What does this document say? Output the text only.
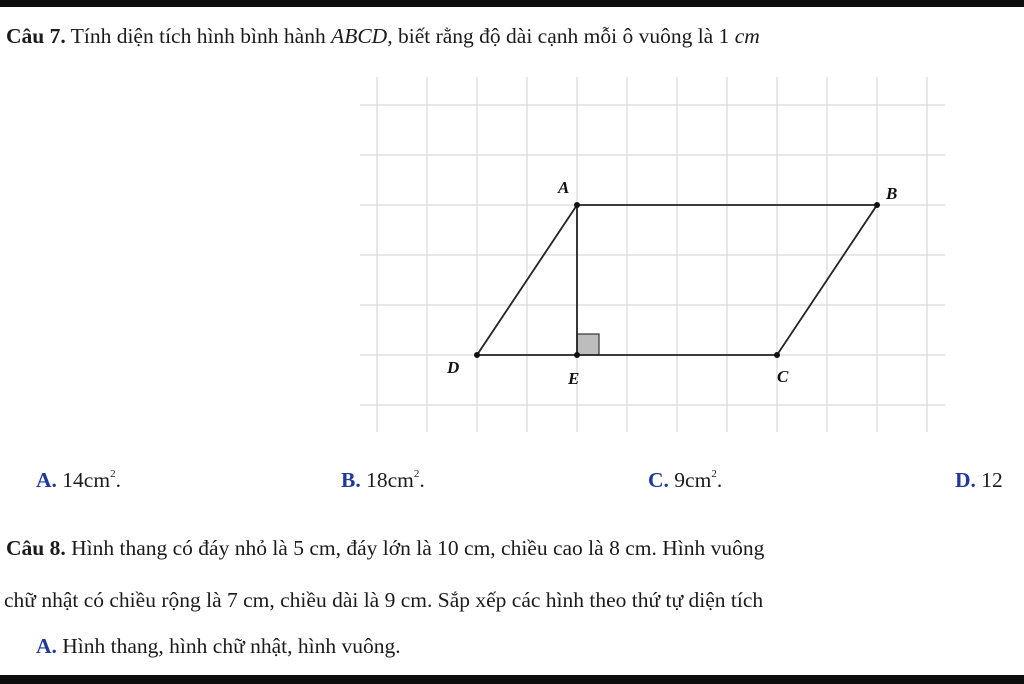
Câu 7. Tính diện tích hình bình hành ABCD, biết rằng độ dài cạnh mỗi ô vuông là 1 cm
A	B
C
D
E
A. $14cm^2$.	B. $18cm^2$.	C. $9cm^2$.	D. 12
Câu 8. Hình thang có đáy nhỏ là 5 cm, đáy lớn là 10 cm, chiều cao là 8 cm. Hình vuông
chữ nhật có chiều rộng là 7 cm, chiều dài là 9 cm. Sắp xếp các hình theo thứ tự diện tích
A. Hình thang, hình chữ nhật, hình vuông.
